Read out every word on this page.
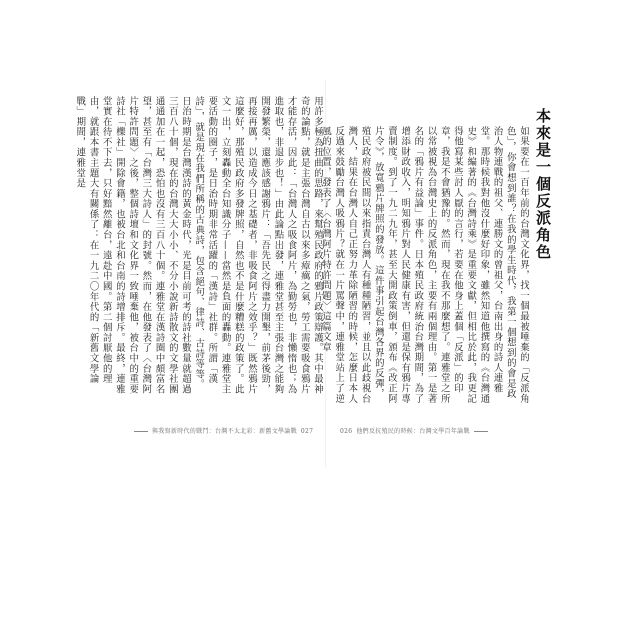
用許多極為扭曲的思路，來幫殖民政府的鴉片政策辯護。其中最神奇的論點，就是主張台灣自古以來多瘴癘之氣，勞工需要吸食鴉片才能存活，因此：「台灣人之吸食阿片，為勤勞也，非懶惰也；為進取也，非退步也！」由此論點出發，連雅堂甚至主張台灣之能夠開發繁榮，還應該感謝鴉片：「吾先民之得盡力開墾，前茅後勁，再接再厲，以造成今日之基礎者，非吸食阿片之效乎？」既然鴉片這麼好，那殖民政府多發牌照，自然也不是什麼糟糕的政策了。此文一出，立刻轟動全台知識分子——當然是負面的轟動。連雅堂主要活動的圈子，是日治時期非常活躍的「漢詩」社群。所謂「漢詩」，就是現在我們所稱的古典詩，包含絕句、律詩、古詩等等。日治時期是台灣漢詩的黃金時代，光是目前可考的詩社數量就超過三百八十個，現在的台灣大大小小、不分小說新詩散文的文學社團通通加在一起，恐怕也沒有三百八十個。連雅堂在漢詩圈中頗富名望，甚至有「台灣三大詩人」的封號。然而，在他發表了〈台灣阿片特許問題〉之後，整個詩壇和文化界一致唾棄他，被台中的重要詩社「櫟社」開除會籍，也被台北和台南的詩增排斥。最終，連雅堂實在待不下去，只好黯然離台，遠赴中國。第二個討厭他的理由，就跟本書主題大有關係了：在一九二〇年代的「新舊文學論戰」期間，連雅堂是
與我寫新時代的戰鬥：台灣不太北彩：新舊文學論戰 027
本來是一個反派角色
如果要在一百年前的台灣文化界，找一個最被唾棄的「反派角色」，你會想到誰？在我的學生時代，我第一個想到的會是政治人物連戰的祖父、連勝文的曾祖父，台南出身的詩人連雅堂。那時候我對他沒什麼好印象，雖然知道他撰寫的《台灣通史》和編著的《台灣詩乘》是重要文獻，但相比於此，我更記得他寫某些討人厭的言行，若要在他身上蓋個「反派」的印章，我是不會猶豫的。然而，現在我不那麼想了。連雅堂之所以常被視為台灣史上的反派角色，主要有兩個理由。第一是著名的「鴉片有益論」事件。日本殖民政府統治台灣期間，為了增添財政收入，明知鴉片對人民健康有害，但還是保有鴉片專賣制度。到了一九二九年，甚至大開政策倒車，頒布《改正阿片令》，放寬鴉片牌照的發放。這件事引起台灣各界的反彈，殖民政府被民間以來指責台灣人有種種陋習，並且以此歧視台灣人，結果在台灣人自己正努力革除陋習的時候，怎麼日本人反過來鼓勵台灣人吸鴉片？就在一片罵聲中，連雅堂站上了逆風的位置，發表了〈台灣阿片特許問題〉這篇文章
026 他們反抗殖民的時候：台灣文學百年論戰
